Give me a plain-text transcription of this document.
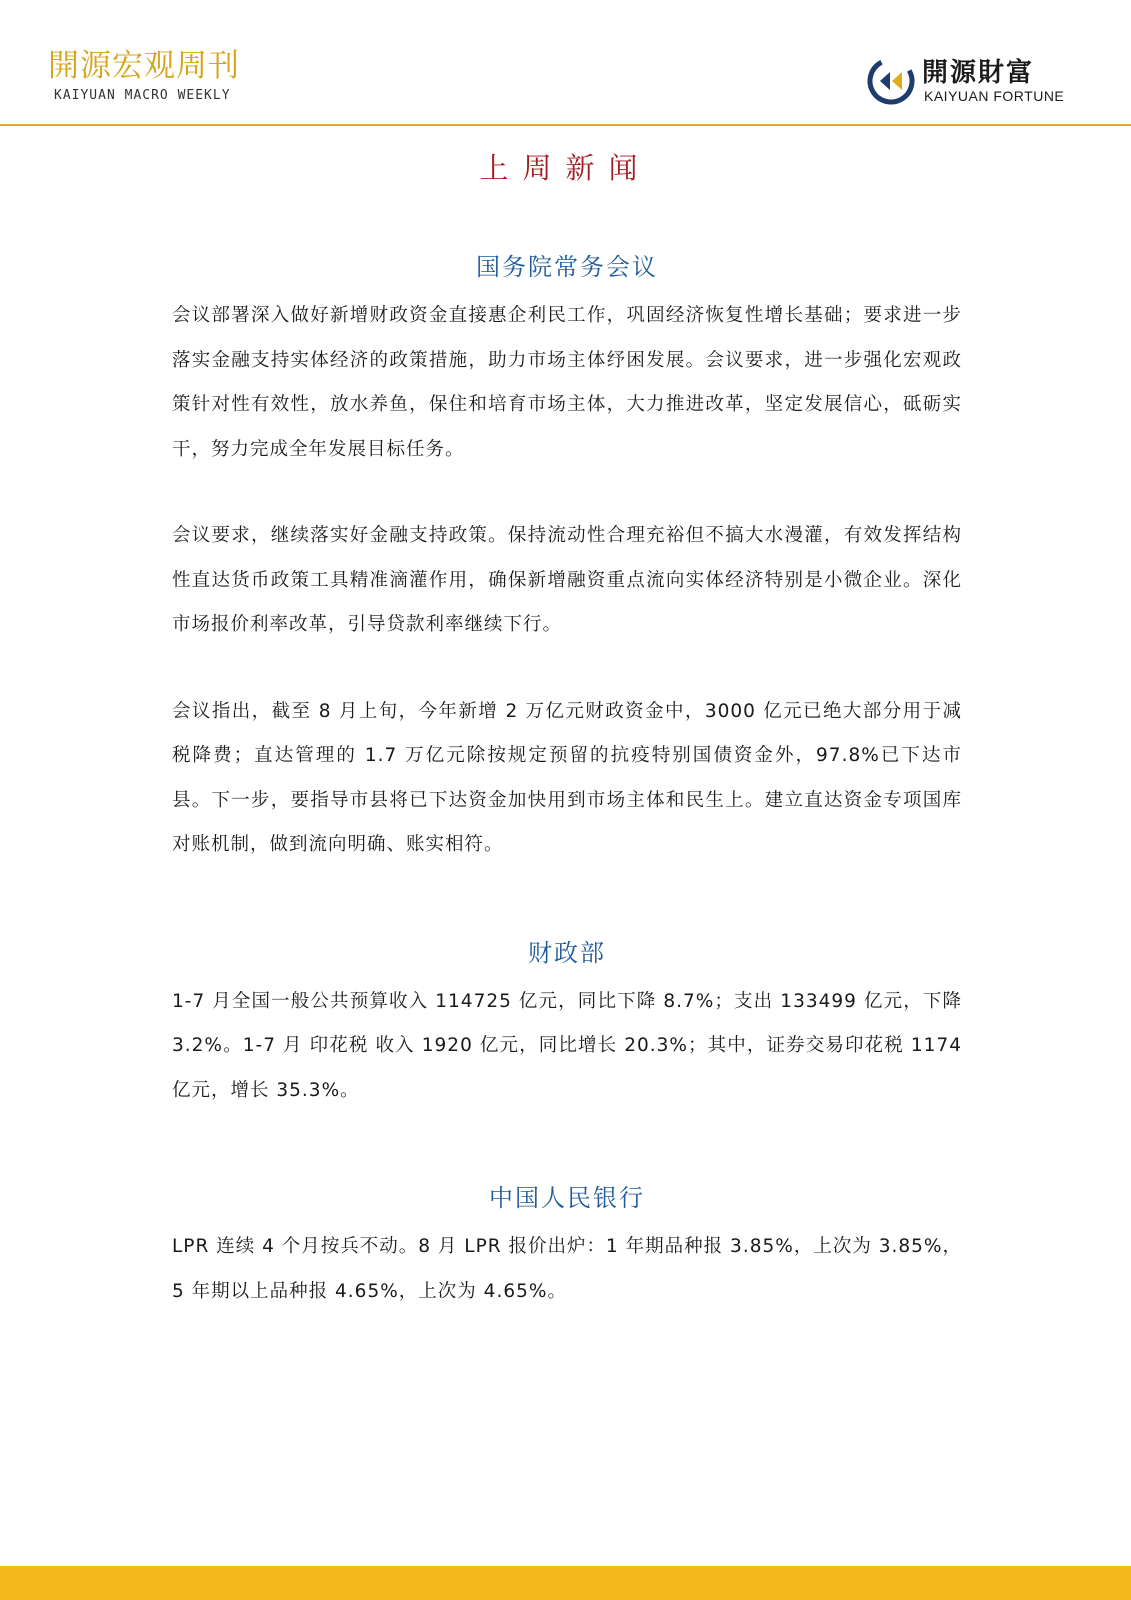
開源宏观周刊
KAIYUAN MACRO WEEKLY
開源財富
KAIYUAN FORTUNE
上周新闻
国务院常务会议

会议部署深入做好新增财政资金直接惠企利民工作，巩固经济恢复性增长基础；要求进一步落实金融支持实体经济的政策措施，助力市场主体纾困发展。会议要求，进一步强化宏观政策针对性有效性，放水养鱼，保住和培育市场主体，大力推进改革，坚定发展信心，砥砺实干，努力完成全年发展目标任务。

会议要求，继续落实好金融支持政策。保持流动性合理充裕但不搞大水漫灌，有效发挥结构性直达货币政策工具精准滴灌作用，确保新增融资重点流向实体经济特别是小微企业。深化市场报价利率改革，引导贷款利率继续下行。

会议指出，截至 8 月上旬，今年新增 2 万亿元财政资金中，3000 亿元已绝大部分用于减税降费；直达管理的 1.7 万亿元除按规定预留的抗疫特别国债资金外，97.8%已下达市县。下一步，要指导市县将已下达资金加快用到市场主体和民生上。建立直达资金专项国库对账机制，做到流向明确、账实相符。

财政部

1-7 月全国一般公共预算收入 114725 亿元，同比下降 8.7%；支出 133499 亿元，下降 3.2%。1-7 月 印花税 收入 1920 亿元，同比增长 20.3%；其中，证券交易印花税 1174 亿元，增长 35.3%。

中国人民银行

LPR 连续 4 个月按兵不动。8 月 LPR 报价出炉：1 年期品种报 3.85%，上次为 3.85%，5 年期以上品种报 4.65%，上次为 4.65%。
